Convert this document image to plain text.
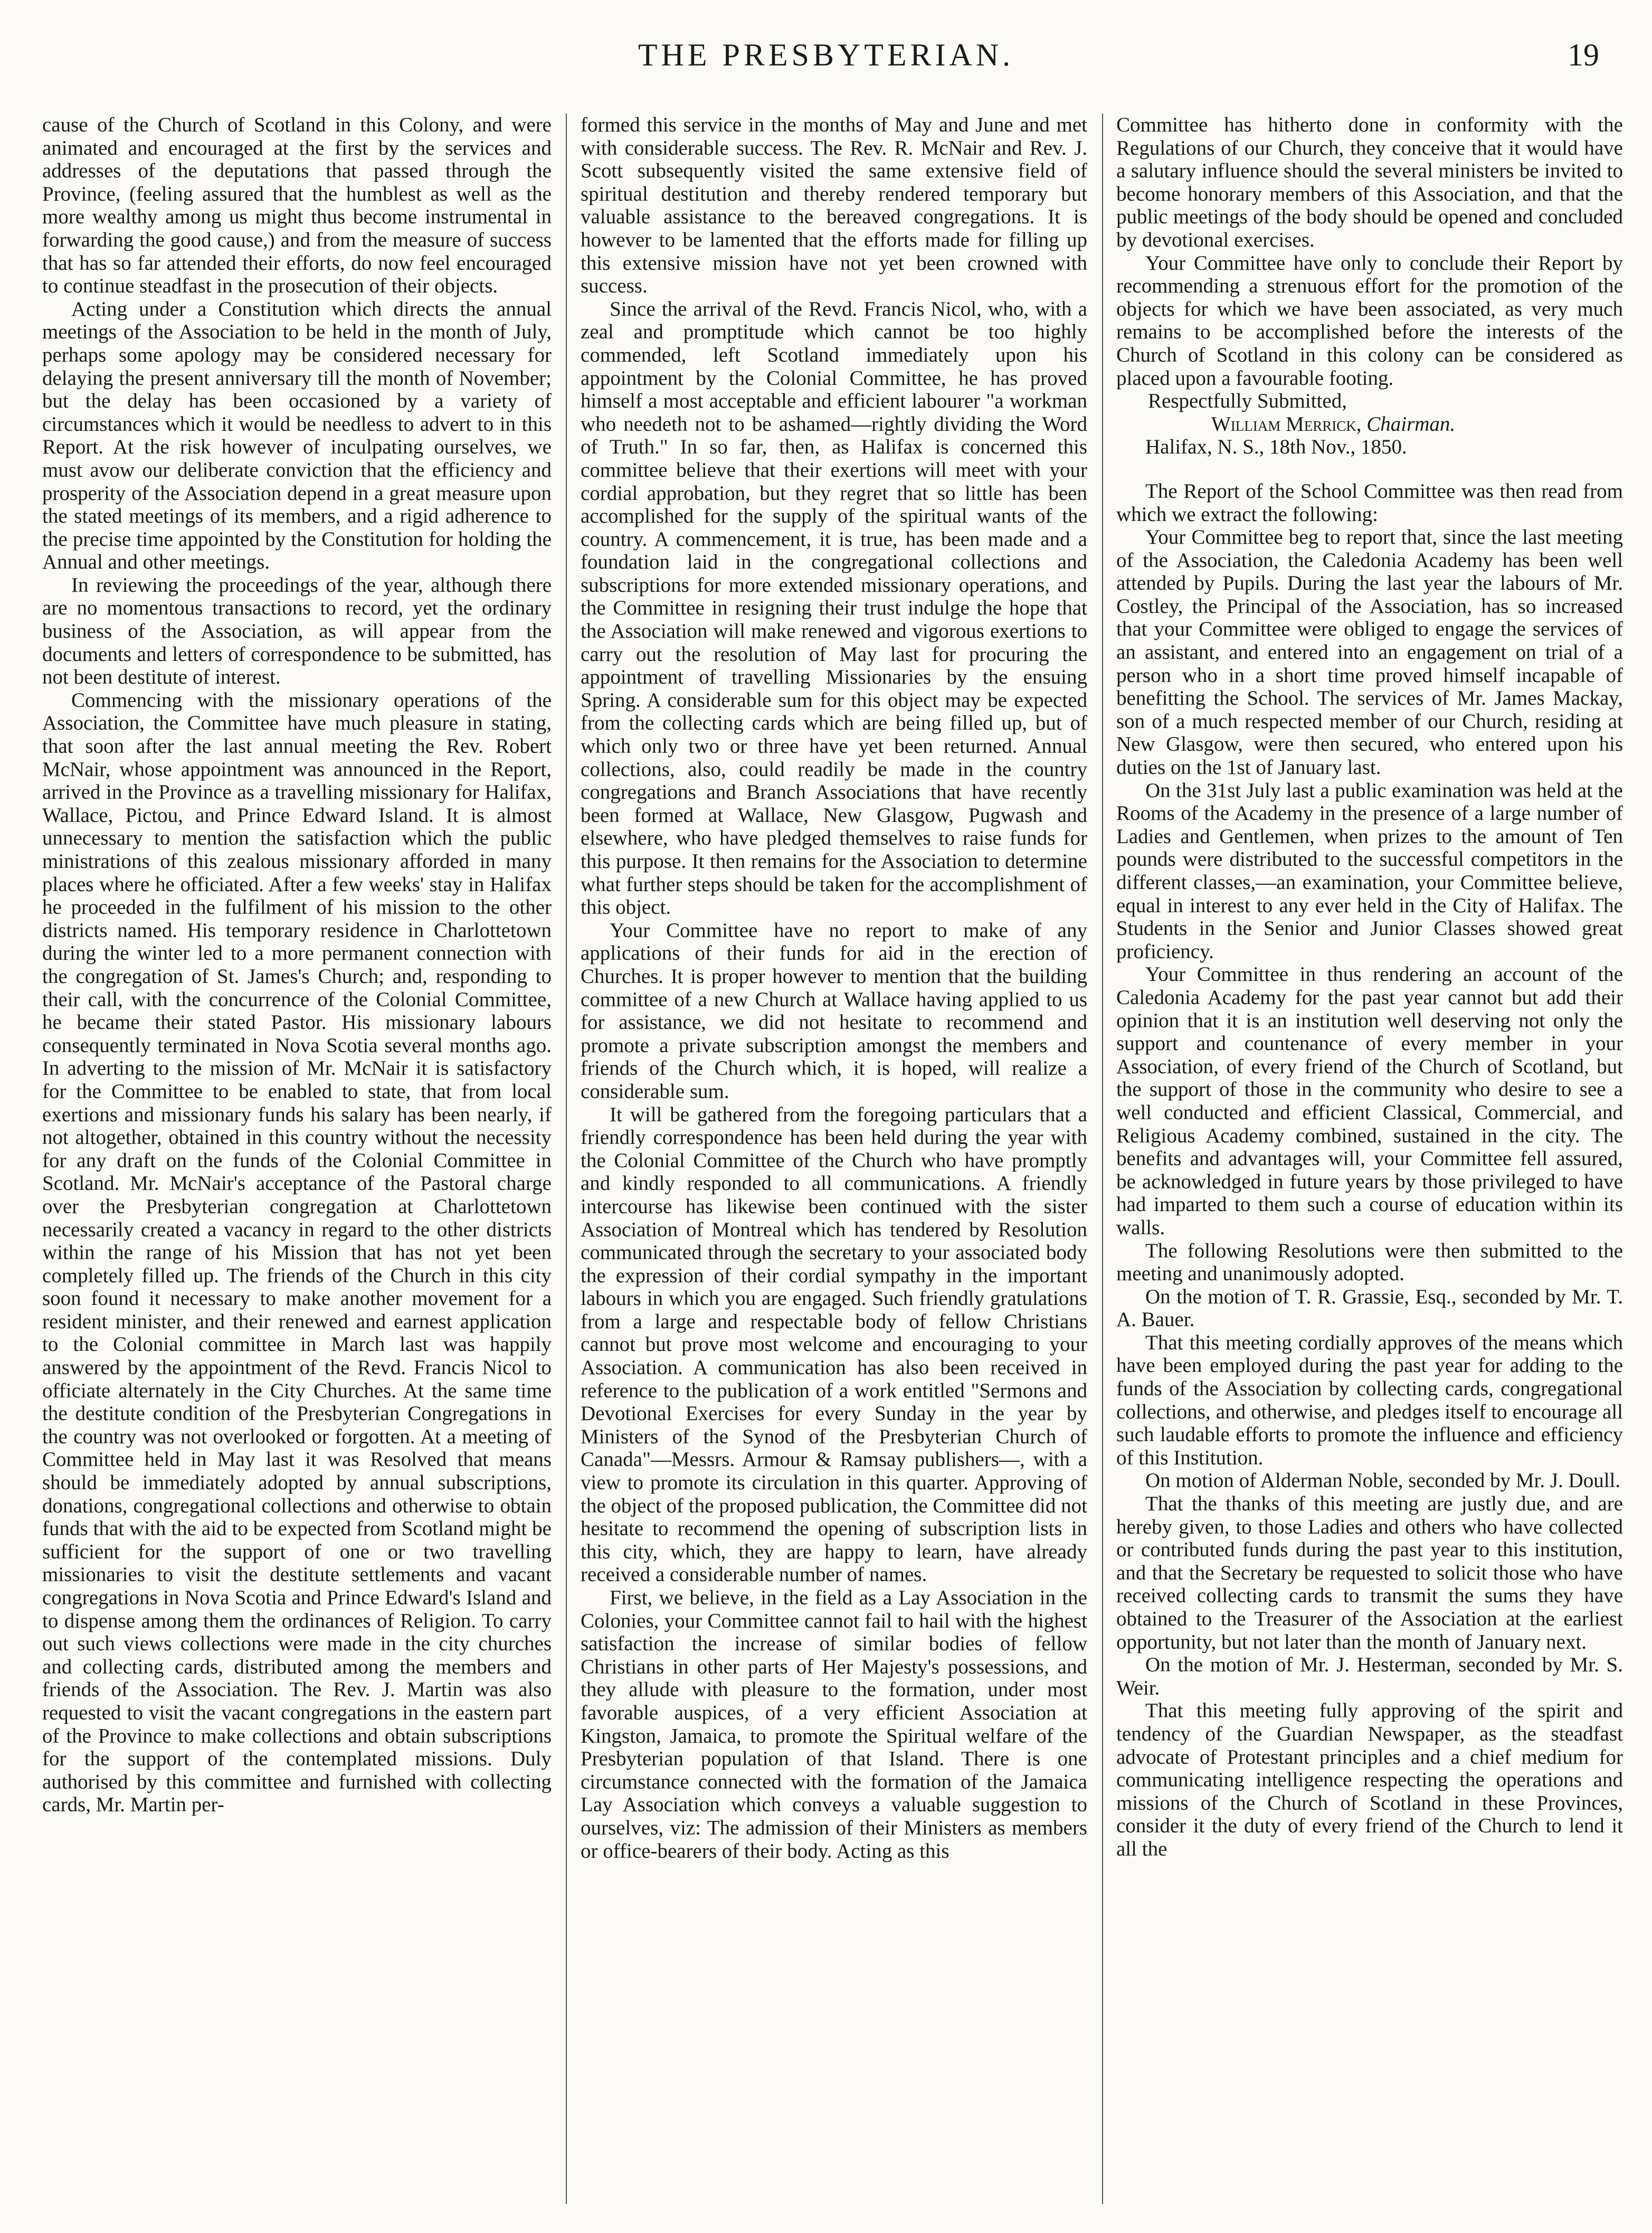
THE PRESBYTERIAN.	19

cause of the Church of Scotland in this Colony, and were animated and encouraged at the first by the services and addresses of the deputations that passed through the Province, (feeling assured that the humblest as well as the more wealthy among us might thus become instrumental in forwarding the good cause,) and from the measure of success that has so far attended their efforts, do now feel encouraged to continue steadfast in the prosecution of their objects.

Acting under a Constitution which directs the annual meetings of the Association to be held in the month of July, perhaps some apology may be considered necessary for delaying the present anniversary till the month of November; but the delay has been occasioned by a variety of circumstances which it would be needless to advert to in this Report. At the risk however of inculpating ourselves, we must avow our deliberate conviction that the efficiency and prosperity of the Association depend in a great measure upon the stated meetings of its members, and a rigid adherence to the precise time appointed by the Constitution for holding the Annual and other meetings.

In reviewing the proceedings of the year, although there are no momentous transactions to record, yet the ordinary business of the Association, as will appear from the documents and letters of correspondence to be submitted, has not been destitute of interest.

Commencing with the missionary operations of the Association, the Committee have much pleasure in stating, that soon after the last annual meeting the Rev. Robert McNair, whose appointment was announced in the Report, arrived in the Province as a travelling missionary for Halifax, Wallace, Pictou, and Prince Edward Island. It is almost unnecessary to mention the satisfaction which the public ministrations of this zealous missionary afforded in many places where he officiated. After a few weeks' stay in Halifax he proceeded in the fulfilment of his mission to the other districts named. His temporary residence in Charlottetown during the winter led to a more permanent connection with the congregation of St. James's Church; and, responding to their call, with the concurrence of the Colonial Committee, he became their stated Pastor. His missionary labours consequently terminated in Nova Scotia several months ago. In adverting to the mission of Mr. McNair it is satisfactory for the Committee to be enabled to state, that from local exertions and missionary funds his salary has been nearly, if not altogether, obtained in this country without the necessity for any draft on the funds of the Colonial Committee in Scotland. Mr. McNair's acceptance of the Pastoral charge over the Presbyterian congregation at Charlottetown necessarily created a vacancy in regard to the other districts within the range of his Mission that has not yet been completely filled up. The friends of the Church in this city soon found it necessary to make another movement for a resident minister, and their renewed and earnest application to the Colonial committee in March last was happily answered by the appointment of the Revd. Francis Nicol to officiate alternately in the City Churches. At the same time the destitute condition of the Presbyterian Congregations in the country was not overlooked or forgotten. At a meeting of Committee held in May last it was Resolved that means should be immediately adopted by annual subscriptions, donations, congregational collections and otherwise to obtain funds that with the aid to be expected from Scotland might be sufficient for the support of one or two travelling missionaries to visit the destitute settlements and vacant congregations in Nova Scotia and Prince Edward's Island and to dispense among them the ordinances of Religion. To carry out such views collections were made in the city churches and collecting cards, distributed among the members and friends of the Association. The Rev. J. Martin was also requested to visit the vacant congregations in the eastern part of the Province to make collections and obtain subscriptions for the support of the contemplated missions. Duly authorised by this committee and furnished with collecting cards, Mr. Martin per-

formed this service in the months of May and June and met with considerable success. The Rev. R. McNair and Rev. J. Scott subsequently visited the same extensive field of spiritual destitution and thereby rendered temporary but valuable assistance to the bereaved congregations. It is however to be lamented that the efforts made for filling up this extensive mission have not yet been crowned with success.

Since the arrival of the Revd. Francis Nicol, who, with a zeal and promptitude which cannot be too highly commended, left Scotland immediately upon his appointment by the Colonial Committee, he has proved himself a most acceptable and efficient labourer "a workman who needeth not to be ashamed—rightly dividing the Word of Truth." In so far, then, as Halifax is concerned this committee believe that their exertions will meet with your cordial approbation, but they regret that so little has been accomplished for the supply of the spiritual wants of the country. A commencement, it is true, has been made and a foundation laid in the congregational collections and subscriptions for more extended missionary operations, and the Committee in resigning their trust indulge the hope that the Association will make renewed and vigorous exertions to carry out the resolution of May last for procuring the appointment of travelling Missionaries by the ensuing Spring. A considerable sum for this object may be expected from the collecting cards which are being filled up, but of which only two or three have yet been returned. Annual collections, also, could readily be made in the country congregations and Branch Associations that have recently been formed at Wallace, New Glasgow, Pugwash and elsewhere, who have pledged themselves to raise funds for this purpose. It then remains for the Association to determine what further steps should be taken for the accomplishment of this object.

Your Committee have no report to make of any applications of their funds for aid in the erection of Churches. It is proper however to mention that the building committee of a new Church at Wallace having applied to us for assistance, we did not hesitate to recommend and promote a private subscription amongst the members and friends of the Church which, it is hoped, will realize a considerable sum.

It will be gathered from the foregoing particulars that a friendly correspondence has been held during the year with the Colonial Committee of the Church who have promptly and kindly responded to all communications. A friendly intercourse has likewise been continued with the sister Association of Montreal which has tendered by Resolution communicated through the secretary to your associated body the expression of their cordial sympathy in the important labours in which you are engaged. Such friendly gratulations from a large and respectable body of fellow Christians cannot but prove most welcome and encouraging to your Association. A communication has also been received in reference to the publication of a work entitled "Sermons and Devotional Exercises for every Sunday in the year by Ministers of the Synod of the Presbyterian Church of Canada"—Messrs. Armour & Ramsay publishers—, with a view to promote its circulation in this quarter. Approving of the object of the proposed publication, the Committee did not hesitate to recommend the opening of subscription lists in this city, which, they are happy to learn, have already received a considerable number of names.

First, we believe, in the field as a Lay Association in the Colonies, your Committee cannot fail to hail with the highest satisfaction the increase of similar bodies of fellow Christians in other parts of Her Majesty's possessions, and they allude with pleasure to the formation, under most favorable auspices, of a very efficient Association at Kingston, Jamaica, to promote the Spiritual welfare of the Presbyterian population of that Island. There is one circumstance connected with the formation of the Jamaica Lay Association which conveys a valuable suggestion to ourselves, viz: The admission of their Ministers as members or office-bearers of their body. Acting as this

Committee has hitherto done in conformity with the Regulations of our Church, they conceive that it would have a salutary influence should the several ministers be invited to become honorary members of this Association, and that the public meetings of the body should be opened and concluded by devotional exercises.

Your Committee have only to conclude their Report by recommending a strenuous effort for the promotion of the objects for which we have been associated, as very much remains to be accomplished before the interests of the Church of Scotland in this colony can be considered as placed upon a favourable footing.

Respectfully Submitted,

William Merrick, Chairman.

Halifax, N. S., 18th Nov., 1850.

The Report of the School Committee was then read from which we extract the following:

Your Committee beg to report that, since the last meeting of the Association, the Caledonia Academy has been well attended by Pupils. During the last year the labours of Mr. Costley, the Principal of the Association, has so increased that your Committee were obliged to engage the services of an assistant, and entered into an engagement on trial of a person who in a short time proved himself incapable of benefitting the School. The services of Mr. James Mackay, son of a much respected member of our Church, residing at New Glasgow, were then secured, who entered upon his duties on the 1st of January last.

On the 31st July last a public examination was held at the Rooms of the Academy in the presence of a large number of Ladies and Gentlemen, when prizes to the amount of Ten pounds were distributed to the successful competitors in the different classes,—an examination, your Committee believe, equal in interest to any ever held in the City of Halifax. The Students in the Senior and Junior Classes showed great proficiency.

Your Committee in thus rendering an account of the Caledonia Academy for the past year cannot but add their opinion that it is an institution well deserving not only the support and countenance of every member in your Association, of every friend of the Church of Scotland, but the support of those in the community who desire to see a well conducted and efficient Classical, Commercial, and Religious Academy combined, sustained in the city. The benefits and advantages will, your Committee fell assured, be acknowledged in future years by those privileged to have had imparted to them such a course of education within its walls.

The following Resolutions were then submitted to the meeting and unanimously adopted.

On the motion of T. R. Grassie, Esq., seconded by Mr. T. A. Bauer.

That this meeting cordially approves of the means which have been employed during the past year for adding to the funds of the Association by collecting cards, congregational collections, and otherwise, and pledges itself to encourage all such laudable efforts to promote the influence and efficiency of this Institution.

On motion of Alderman Noble, seconded by Mr. J. Doull.

That the thanks of this meeting are justly due, and are hereby given, to those Ladies and others who have collected or contributed funds during the past year to this institution, and that the Secretary be requested to solicit those who have received collecting cards to transmit the sums they have obtained to the Treasurer of the Association at the earliest opportunity, but not later than the month of January next.

On the motion of Mr. J. Hesterman, seconded by Mr. S. Weir.

That this meeting fully approving of the spirit and tendency of the Guardian Newspaper, as the steadfast advocate of Protestant principles and a chief medium for communicating intelligence respecting the operations and missions of the Church of Scotland in these Provinces, consider it the duty of every friend of the Church to lend it all the
